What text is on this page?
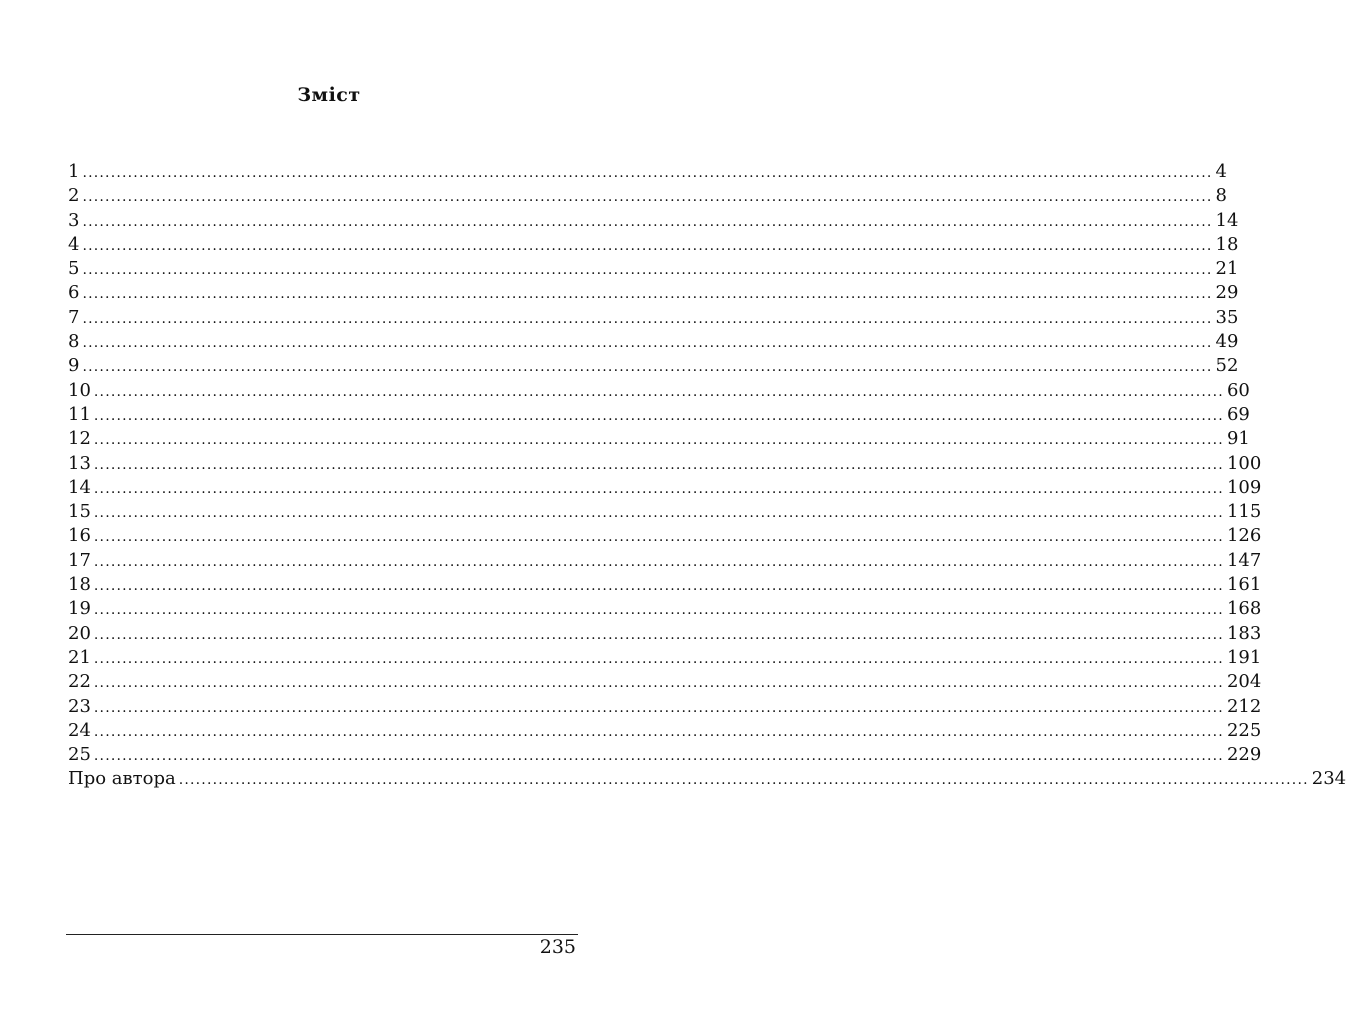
Зміст
1 ........................................................................................................................................................................................................ 4
2 ........................................................................................................................................................................................................ 8
3 ........................................................................................................................................................................................................ 14
4 ........................................................................................................................................................................................................ 18
5 ........................................................................................................................................................................................................ 21
6 ........................................................................................................................................................................................................ 29
7 ........................................................................................................................................................................................................ 35
8 ........................................................................................................................................................................................................ 49
9 ........................................................................................................................................................................................................ 52
10 ........................................................................................................................................................................................................ 60
11 ........................................................................................................................................................................................................ 69
12 ........................................................................................................................................................................................................ 91
13 ........................................................................................................................................................................................................ 100
14 ........................................................................................................................................................................................................ 109
15 ........................................................................................................................................................................................................ 115
16 ........................................................................................................................................................................................................ 126
17 ........................................................................................................................................................................................................ 147
18 ........................................................................................................................................................................................................ 161
19 ........................................................................................................................................................................................................ 168
20 ........................................................................................................................................................................................................ 183
21 ........................................................................................................................................................................................................ 191
22 ........................................................................................................................................................................................................ 204
23 ........................................................................................................................................................................................................ 212
24 ........................................................................................................................................................................................................ 225
25 ........................................................................................................................................................................................................ 229
Про автора ........................................................................................................................................................................................................ 234
235
